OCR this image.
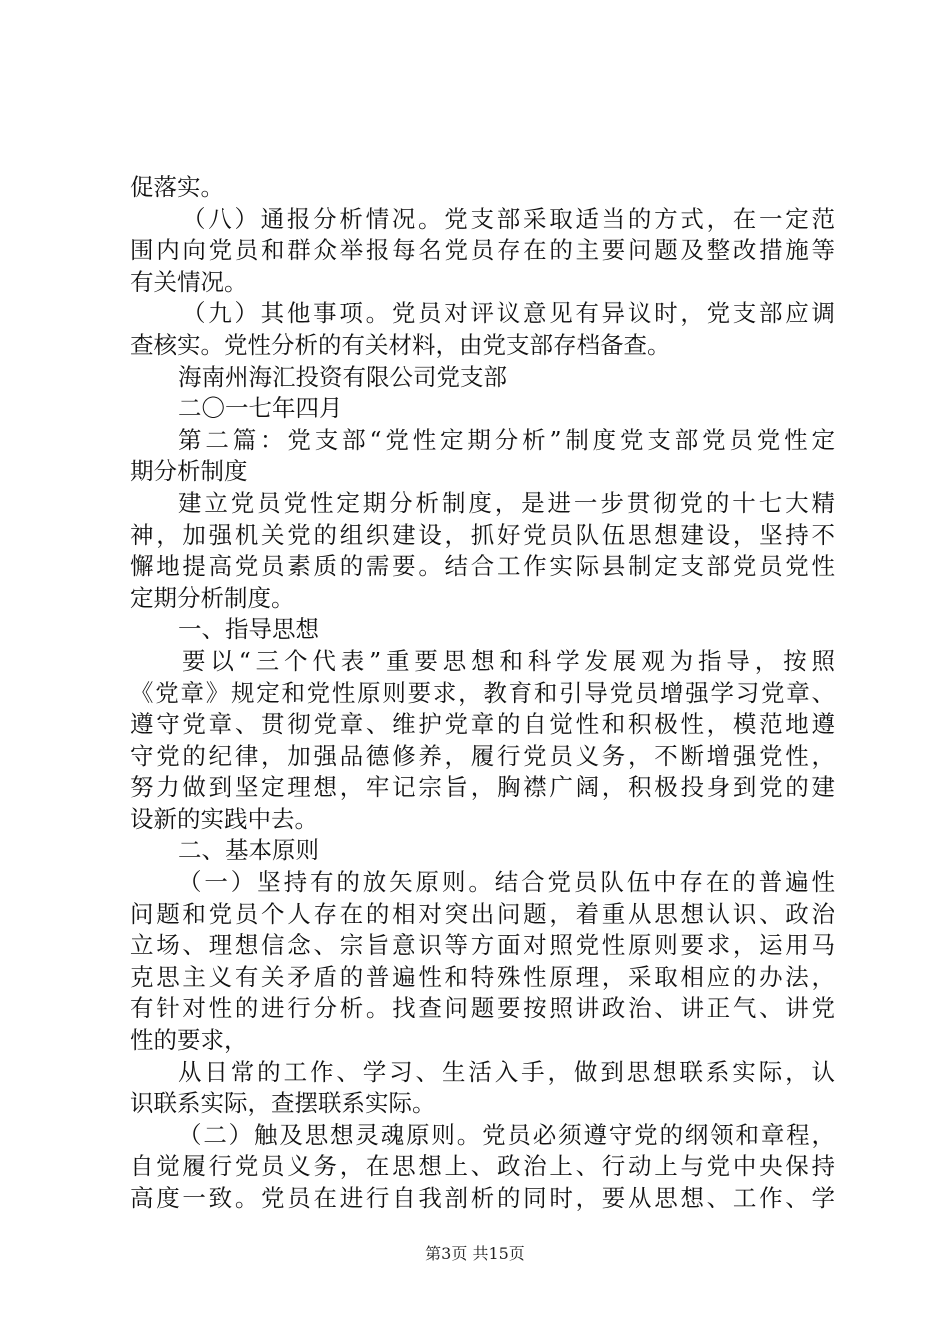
促落实。
（八）通报分析情况。党支部采取适当的方式，在一定范
围内向党员和群众举报每名党员存在的主要问题及整改措施等
有关情况。
（九）其他事项。党员对评议意见有异议时，党支部应调
查核实。党性分析的有关材料，由党支部存档备查。
海南州海汇投资有限公司党支部
二〇一七年四月
第二篇：党支部“党性定期分析”制度党支部党员党性定
期分析制度
建立党员党性定期分析制度，是进一步贯彻党的十七大精
神，加强机关党的组织建设，抓好党员队伍思想建设，坚持不
懈地提高党员素质的需要。结合工作实际县制定支部党员党性
定期分析制度。
一、指导思想
要以“三个代表”重要思想和科学发展观为指导，按照
《党章》规定和党性原则要求，教育和引导党员增强学习党章、
遵守党章、贯彻党章、维护党章的自觉性和积极性，模范地遵
守党的纪律，加强品德修养，履行党员义务，不断增强党性，
努力做到坚定理想，牢记宗旨，胸襟广阔，积极投身到党的建
设新的实践中去。
二、基本原则
（一）坚持有的放矢原则。结合党员队伍中存在的普遍性
问题和党员个人存在的相对突出问题，着重从思想认识、政治
立场、理想信念、宗旨意识等方面对照党性原则要求，运用马
克思主义有关矛盾的普遍性和特殊性原理，采取相应的办法，
有针对性的进行分析。找查问题要按照讲政治、讲正气、讲党
性的要求，
从日常的工作、学习、生活入手，做到思想联系实际，认
识联系实际，查摆联系实际。
（二）触及思想灵魂原则。党员必须遵守党的纲领和章程，
自觉履行党员义务，在思想上、政治上、行动上与党中央保持
高度一致。党员在进行自我剖析的同时，要从思想、工作、学
第3页 共15页
